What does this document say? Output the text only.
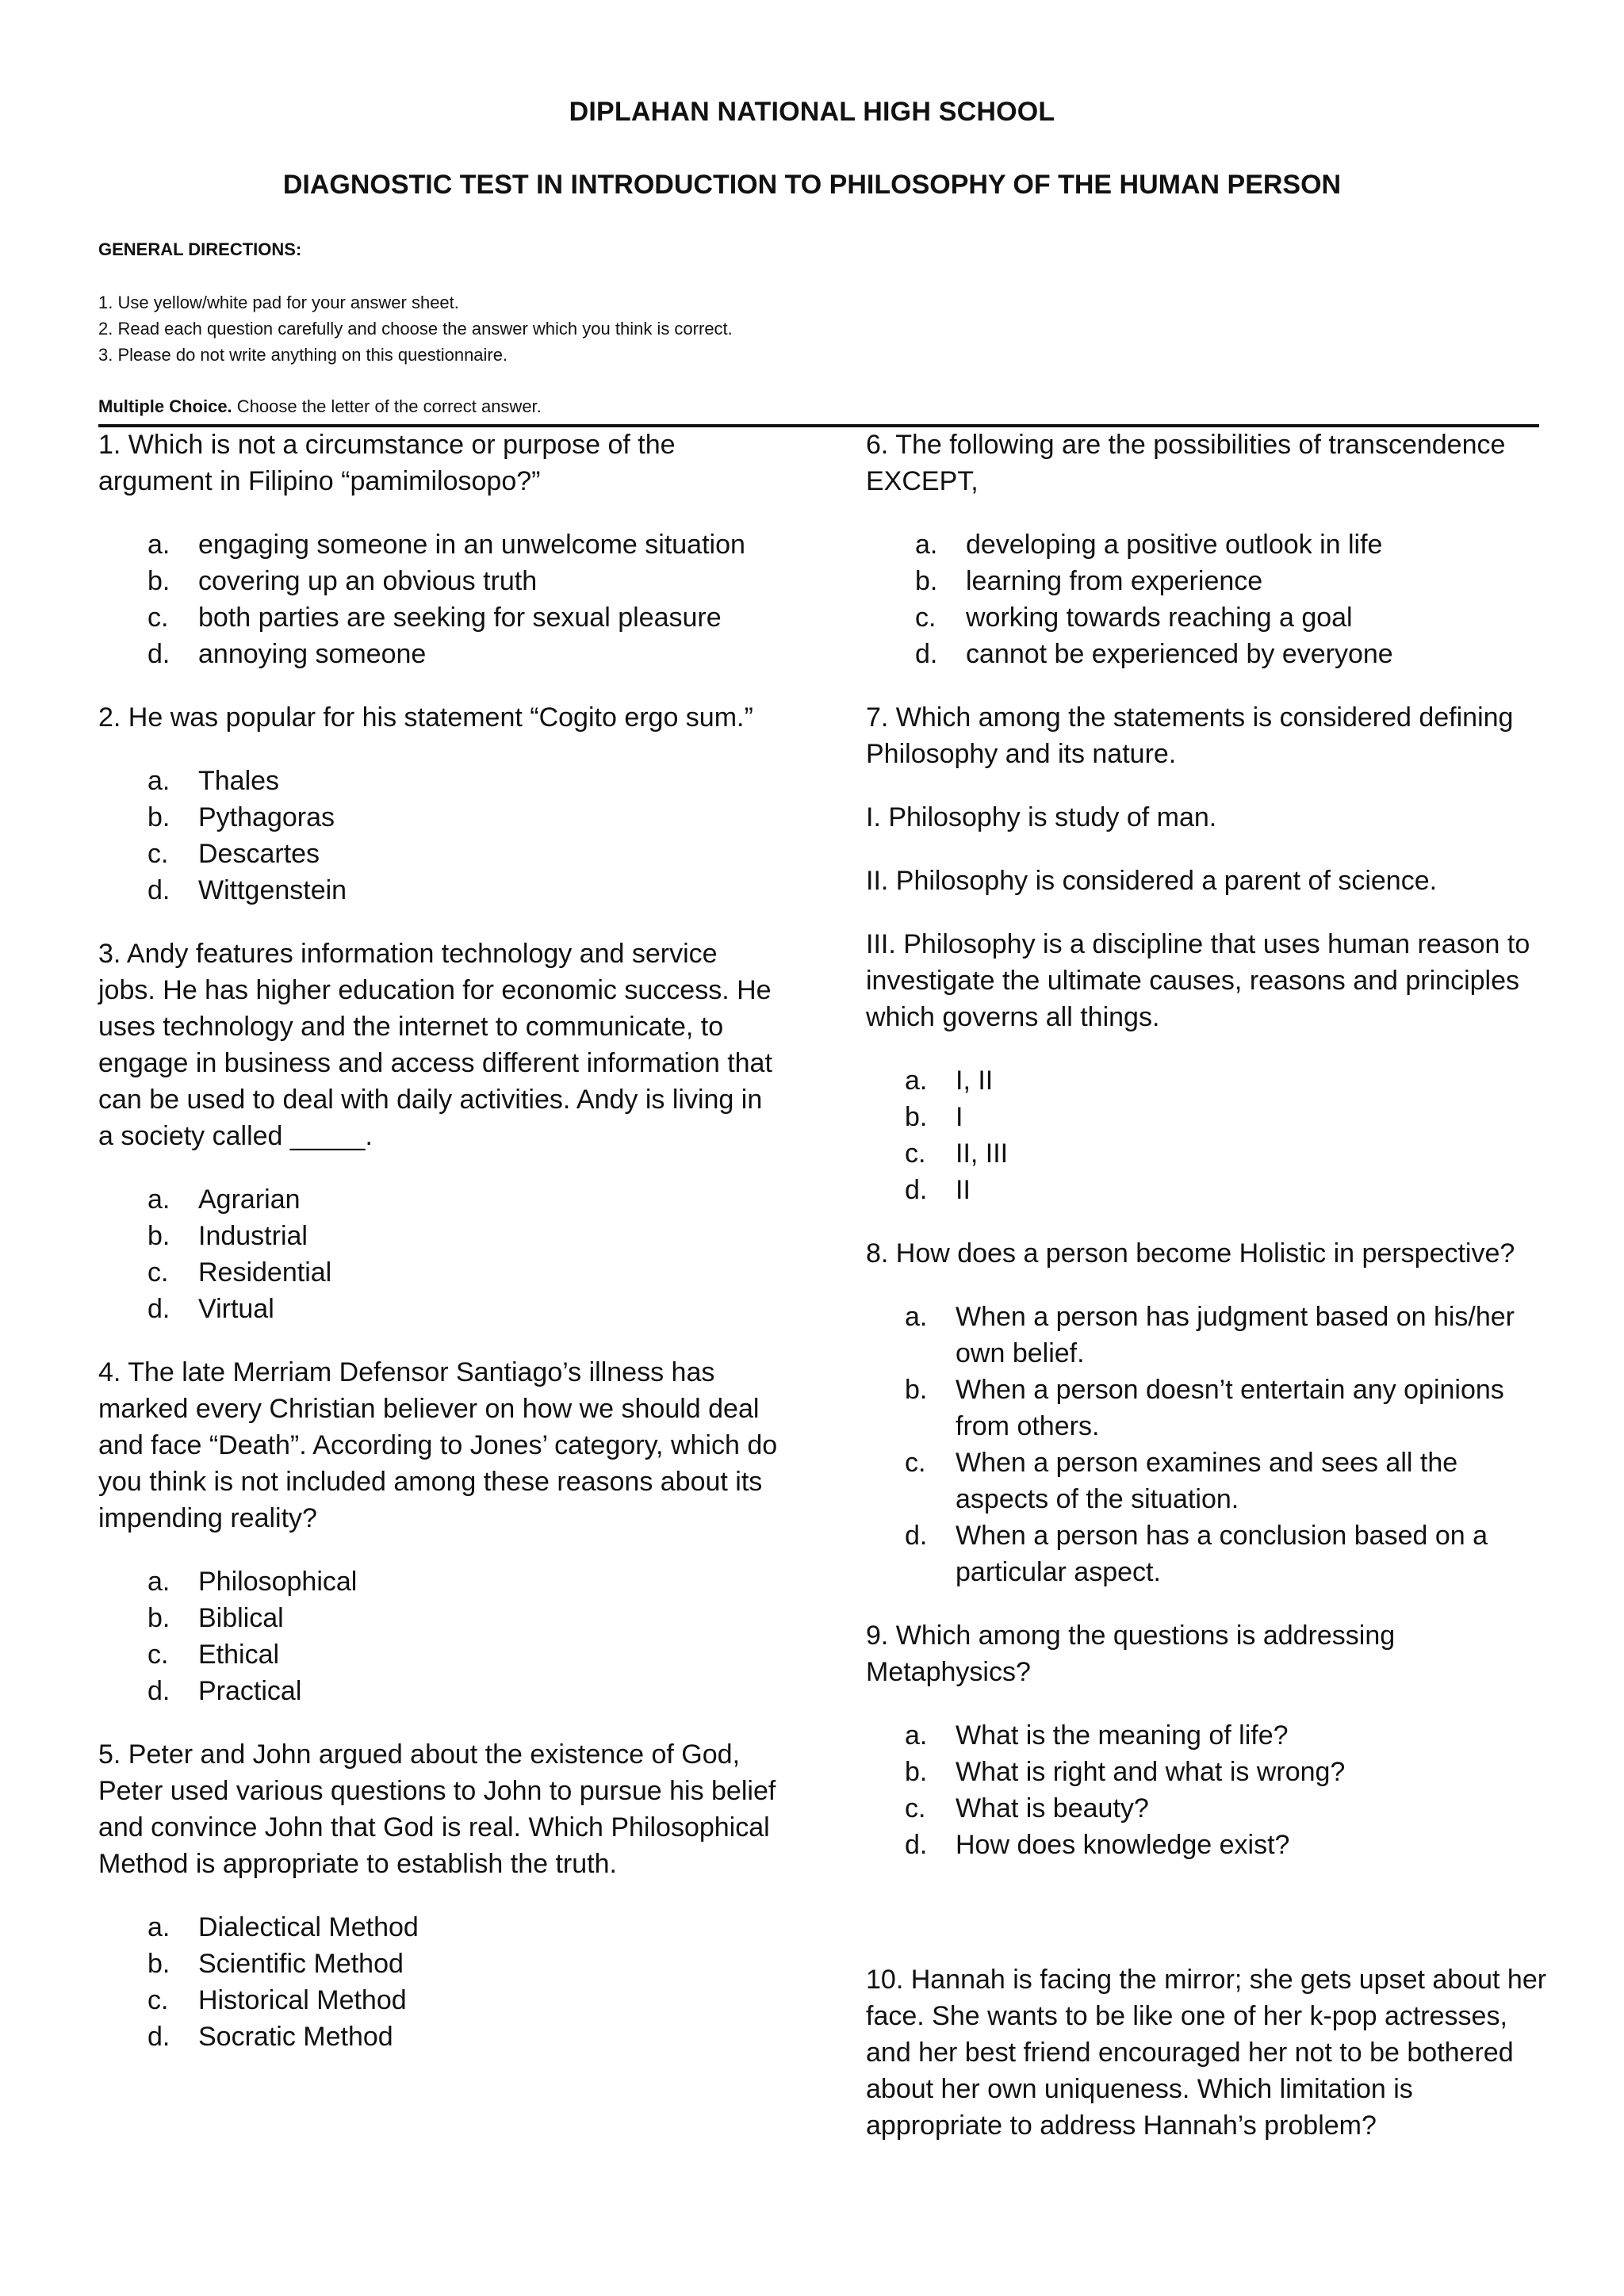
DIPLAHAN NATIONAL HIGH SCHOOL
DIAGNOSTIC TEST IN INTRODUCTION TO PHILOSOPHY OF THE HUMAN PERSON
GENERAL DIRECTIONS:
1. Use yellow/white pad for your answer sheet.
2. Read each question carefully and choose the answer which you think is correct.
3. Please do not write anything on this questionnaire.
Multiple Choice. Choose the letter of the correct answer.

1. Which is not a circumstance or purpose of the argument in Filipino “pamimilosopo?”

a. engaging someone in an unwelcome situation
b. covering up an obvious truth
c. both parties are seeking for sexual pleasure
d. annoying someone

2. He was popular for his statement “Cogito ergo sum.”

a. Thales
b. Pythagoras
c. Descartes
d. Wittgenstein

3. Andy features information technology and service jobs. He has higher education for economic success. He uses technology and the internet to communicate, to engage in business and access different information that can be used to deal with daily activities. Andy is living in a society called _____.

a. Agrarian
b. Industrial
c. Residential
d. Virtual

4. The late Merriam Defensor Santiago’s illness has marked every Christian believer on how we should deal and face “Death”. According to Jones’ category, which do you think is not included among these reasons about its impending reality?

a. Philosophical
b. Biblical
c. Ethical
d. Practical

5. Peter and John argued about the existence of God, Peter used various questions to John to pursue his belief and convince John that God is real. Which Philosophical Method is appropriate to establish the truth.

a. Dialectical Method
b. Scientific Method
c. Historical Method
d. Socratic Method

6. The following are the possibilities of transcendence EXCEPT,

a. developing a positive outlook in life
b. learning from experience
c. working towards reaching a goal
d. cannot be experienced by everyone

7. Which among the statements is considered defining Philosophy and its nature.

I. Philosophy is study of man.

II. Philosophy is considered a parent of science.

III. Philosophy is a discipline that uses human reason to investigate the ultimate causes, reasons and principles which governs all things.

a. I, II
b. I
c. II, III
d. II

8. How does a person become Holistic in perspective?

a. When a person has judgment based on his/her own belief.
b. When a person doesn’t entertain any opinions from others.
c. When a person examines and sees all the aspects of the situation.
d. When a person has a conclusion based on a particular aspect.

9. Which among the questions is addressing Metaphysics?

a. What is the meaning of life?
b. What is right and what is wrong?
c. What is beauty?
d. How does knowledge exist?

10. Hannah is facing the mirror; she gets upset about her face. She wants to be like one of her k-pop actresses, and her best friend encouraged her not to be bothered about her own uniqueness. Which limitation is appropriate to address Hannah’s problem?
